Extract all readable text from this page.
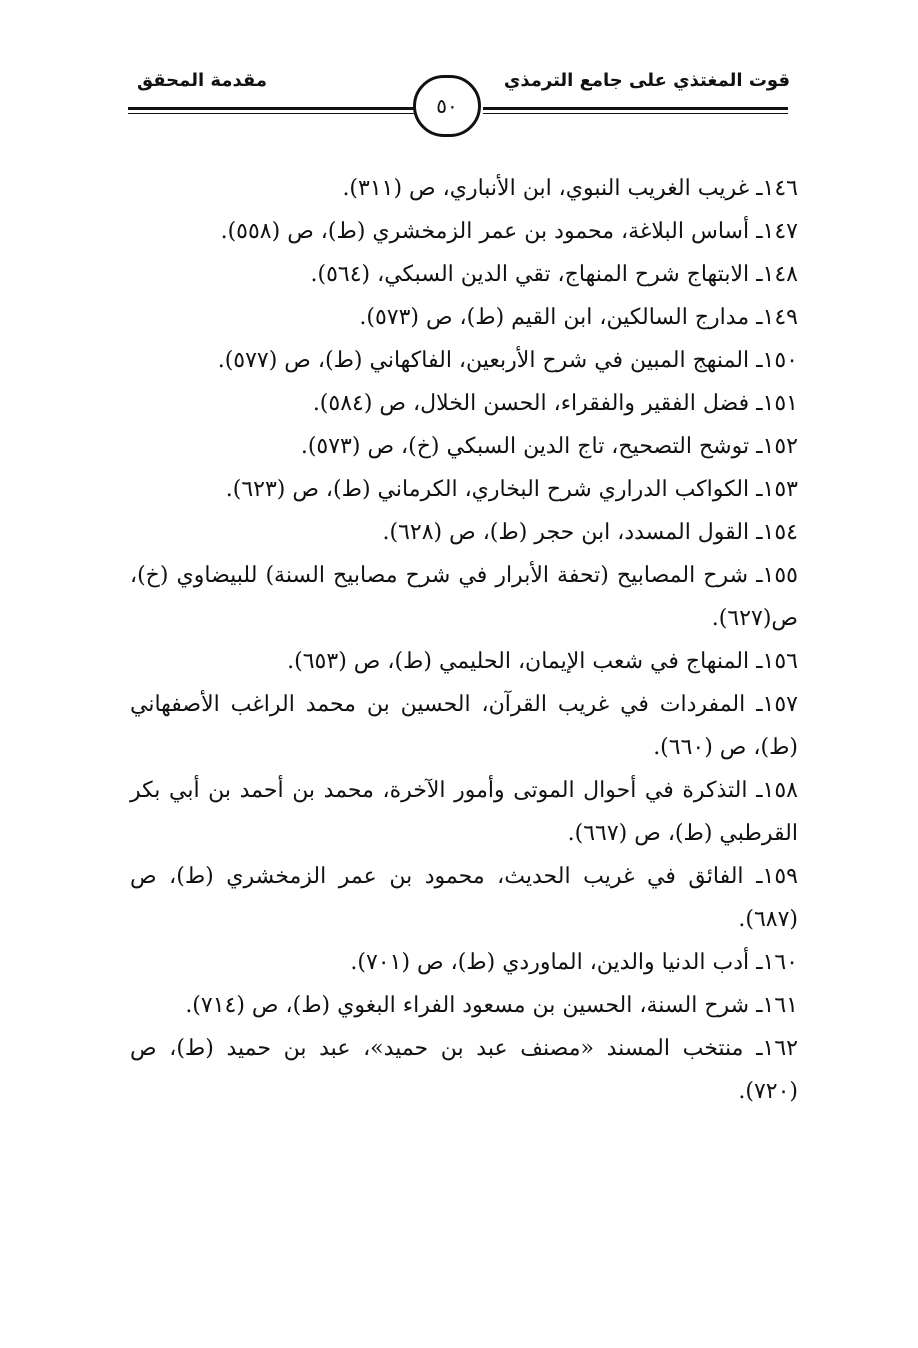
قوت المغتذي على جامع الترمذي
مقدمة المحقق
٥٠

١٤٦ـ غريب الغريب النبوي، ابن الأنباري، ص (٣١١).

١٤٧ـ أساس البلاغة، محمود بن عمر الزمخشري (ط)، ص (٥٥٨).

١٤٨ـ الابتهاج شرح المنهاج، تقي الدين السبكي، (٥٦٤).

١٤٩ـ مدارج السالكين، ابن القيم (ط)، ص (٥٧٣).

١٥٠ـ المنهج المبين في شرح الأربعين، الفاكهاني (ط)، ص (٥٧٧).

١٥١ـ فضل الفقير والفقراء، الحسن الخلال، ص (٥٨٤).

١٥٢ـ توشح التصحيح، تاج الدين السبكي (خ)، ص (٥٧٣).

١٥٣ـ الكواكب الدراري شرح البخاري، الكرماني (ط)، ص (٦٢٣).

١٥٤ـ القول المسدد، ابن حجر (ط)، ص (٦٢٨).

١٥٥ـ شرح المصابيح (تحفة الأبرار في شرح مصابيح السنة) للبيضاوي (خ)، ص(٦٢٧).

١٥٦ـ المنهاج في شعب الإيمان، الحليمي (ط)، ص (٦٥٣).

١٥٧ـ المفردات في غريب القرآن، الحسين بن محمد الراغب الأصفهاني (ط)، ص (٦٦٠).

١٥٨ـ التذكرة في أحوال الموتى وأمور الآخرة، محمد بن أحمد بن أبي بكر القرطبي (ط)، ص (٦٦٧).

١٥٩ـ الفائق في غريب الحديث، محمود بن عمر الزمخشري (ط)، ص (٦٨٧).

١٦٠ـ أدب الدنيا والدين، الماوردي (ط)، ص (٧٠١).

١٦١ـ شرح السنة، الحسين بن مسعود الفراء البغوي (ط)، ص (٧١٤).

١٦٢ـ منتخب المسند «مصنف عبد بن حميد»، عبد بن حميد (ط)، ص (٧٢٠).
